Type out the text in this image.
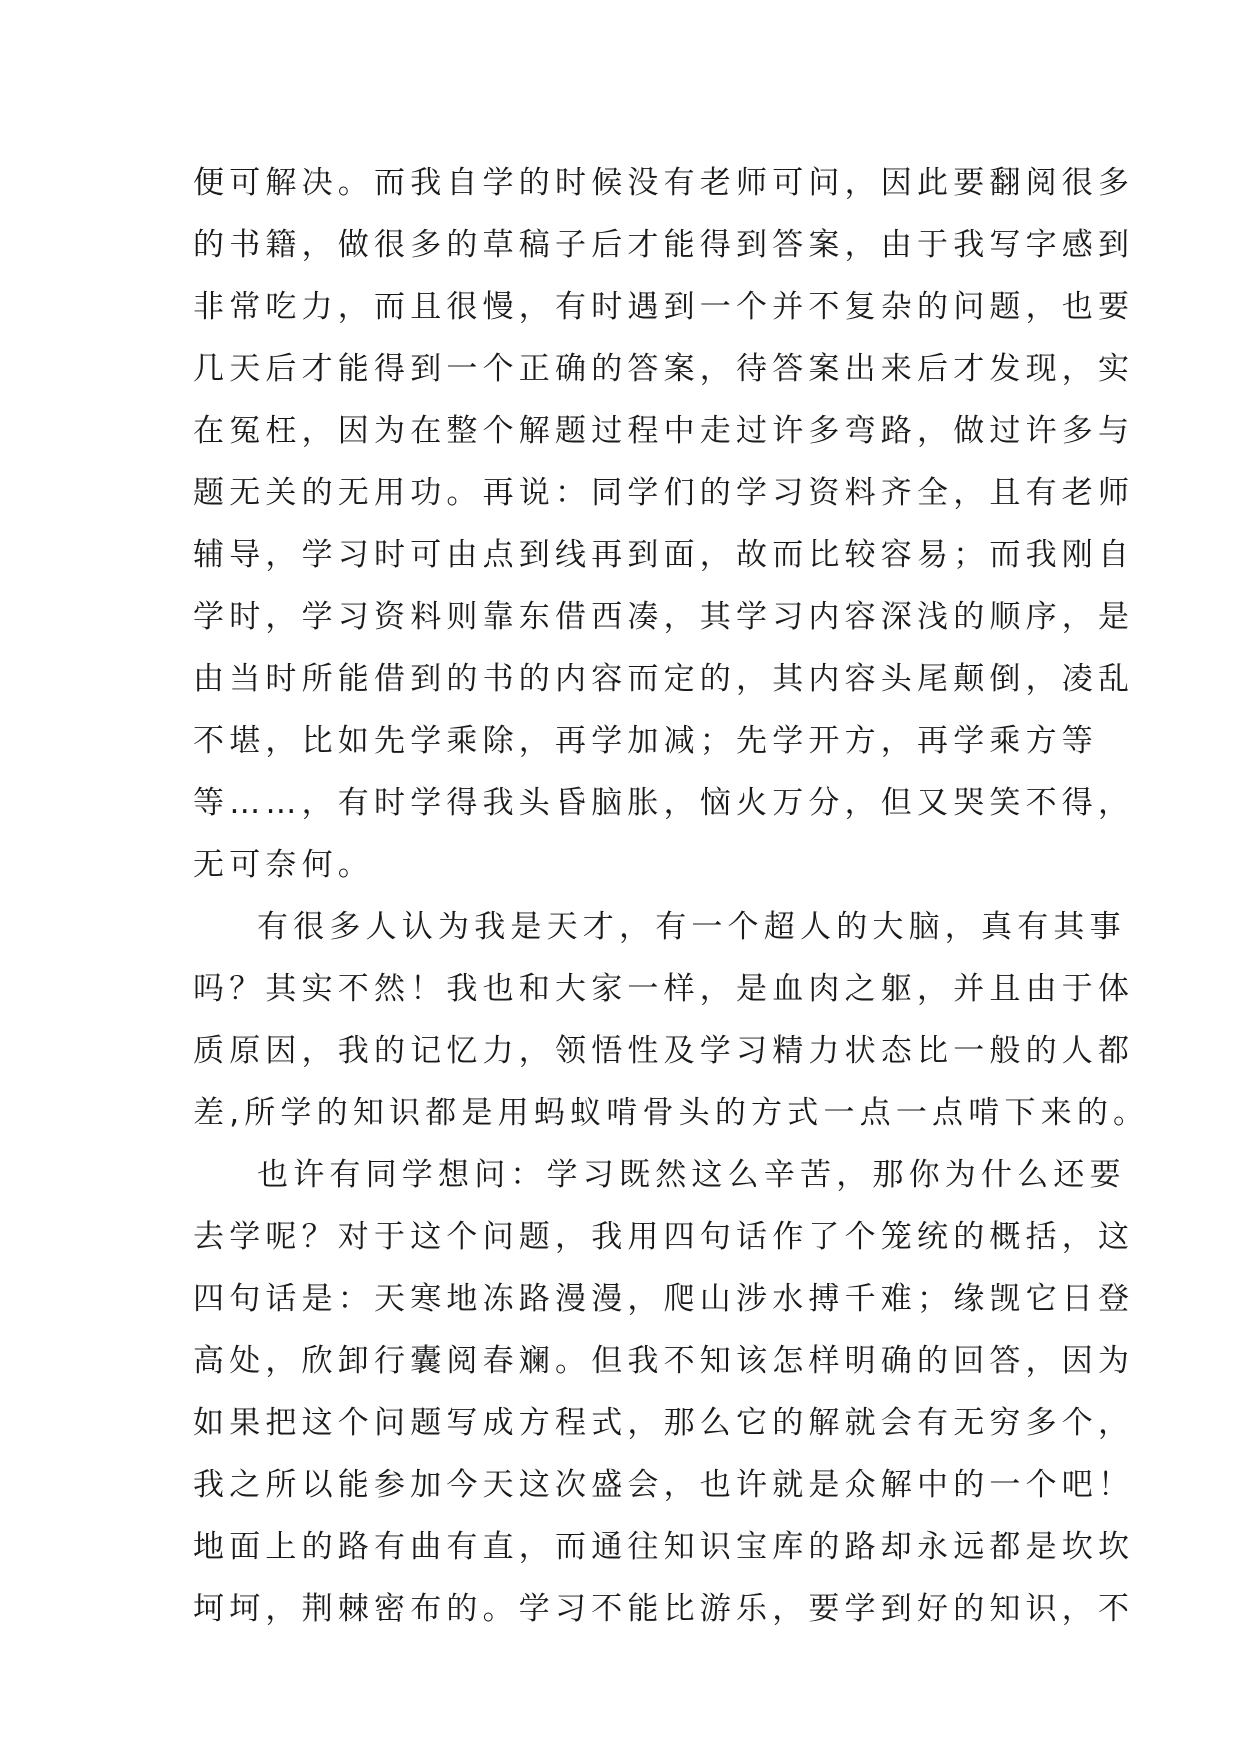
便可解决。而我自学的时候没有老师可问，因此要翻阅很多
的书籍，做很多的草稿子后才能得到答案，由于我写字感到
非常吃力，而且很慢，有时遇到一个并不复杂的问题，也要
几天后才能得到一个正确的答案，待答案出来后才发现，实
在冤枉，因为在整个解题过程中走过许多弯路，做过许多与
题无关的无用功。再说：同学们的学习资料齐全，且有老师
辅导，学习时可由点到线再到面，故而比较容易；而我刚自
学时，学习资料则靠东借西凑，其学习内容深浅的顺序，是
由当时所能借到的书的内容而定的，其内容头尾颠倒，凌乱
不堪，比如先学乘除，再学加减；先学开方，再学乘方等
等……，有时学得我头昏脑胀，恼火万分，但又哭笑不得，
无可奈何。
有很多人认为我是天才，有一个超人的大脑，真有其事
吗？其实不然！我也和大家一样，是血肉之躯，并且由于体
质原因，我的记忆力，领悟性及学习精力状态比一般的人都
差,所学的知识都是用蚂蚁啃骨头的方式一点一点啃下来的。
也许有同学想问：学习既然这么辛苦，那你为什么还要
去学呢？对于这个问题，我用四句话作了个笼统的概括，这
四句话是：天寒地冻路漫漫，爬山涉水搏千难；缘觊它日登
高处，欣卸行囊阅春斓。但我不知该怎样明确的回答，因为
如果把这个问题写成方程式，那么它的解就会有无穷多个，
我之所以能参加今天这次盛会，也许就是众解中的一个吧！
地面上的路有曲有直，而通往知识宝库的路却永远都是坎坎
坷坷，荆棘密布的。学习不能比游乐，要学到好的知识，不
